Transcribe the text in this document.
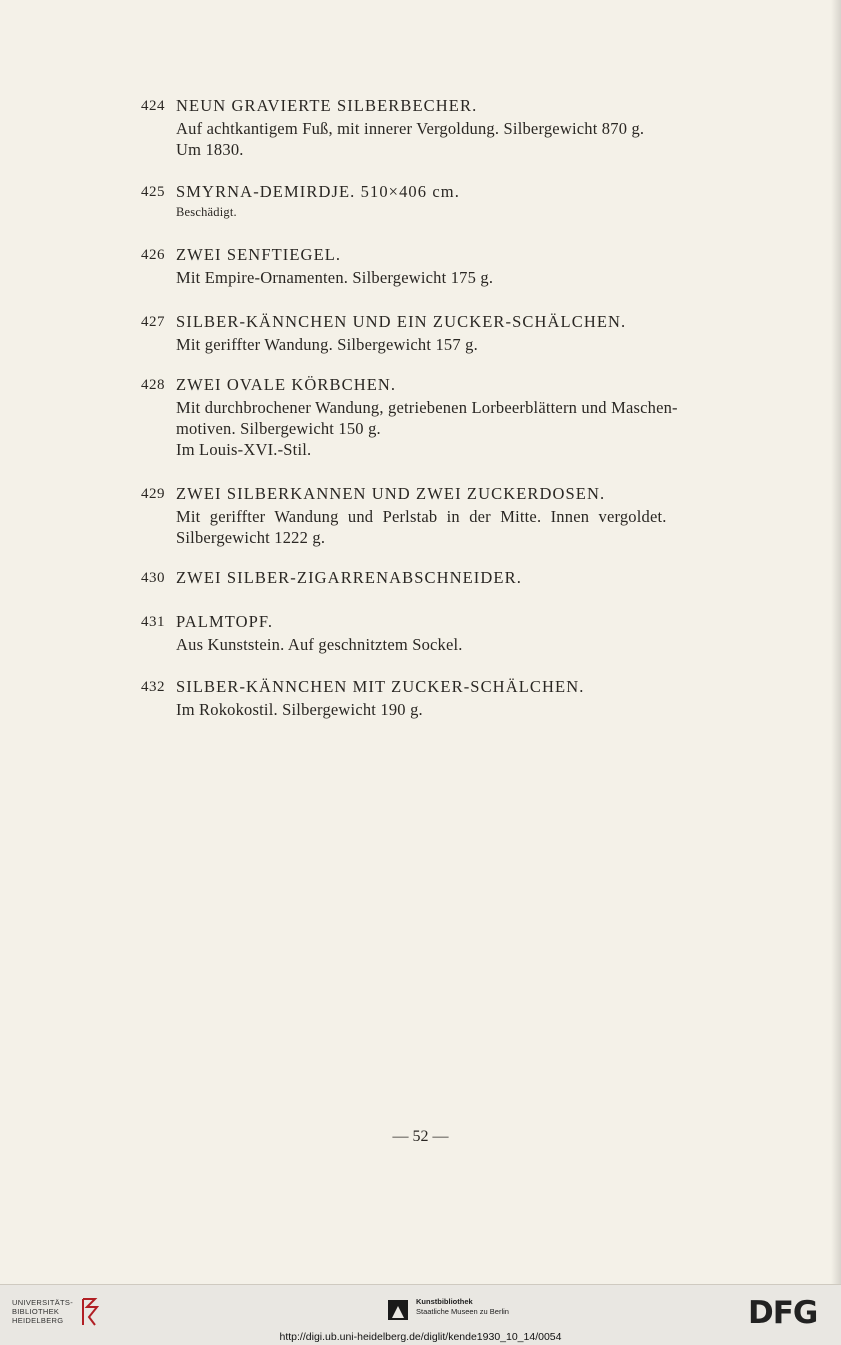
424 NEUN GRAVIERTE SILBERBECHER.
Auf achtkantigem Fuß, mit innerer Vergoldung. Silbergewicht 870 g.
Um 1830.
425 SMYRNA-DEMIRDJE. 510×406 cm.
Beschädigt.
426 ZWEI SENFTIEGEL.
Mit Empire-Ornamenten. Silbergewicht 175 g.
427 SILBER-KÄNNCHEN UND EIN ZUCKER-SCHÄLCHEN.
Mit geriffter Wandung. Silbergewicht 157 g.
428 ZWEI OVALE KÖRBCHEN.
Mit durchbrochener Wandung, getriebenen Lorbeerblättern und Maschen-
motiven. Silbergewicht 150 g.
Im Louis-XVI.-Stil.
429 ZWEI SILBERKANNEN UND ZWEI ZUCKERDOSEN.
Mit geriffter Wandung und Perlstab in der Mitte. Innen vergoldet.
Silbergewicht 1222 g.
430 ZWEI SILBER-ZIGARRENABSCHNEIDER.
431 PALMTOPF.
Aus Kunststein. Auf geschnitztem Sockel.
432 SILBER-KÄNNCHEN MIT ZUCKER-SCHÄLCHEN.
Im Rokokostil. Silbergewicht 190 g.
— 52 —
UNIVERSITÄTS-
BIBLIOTHEK
HEIDELBERG
Kunstbibliothek
Staatliche Museen zu Berlin	DFG
http://digi.ub.uni-heidelberg.de/diglit/kende1930_10_14/0054
